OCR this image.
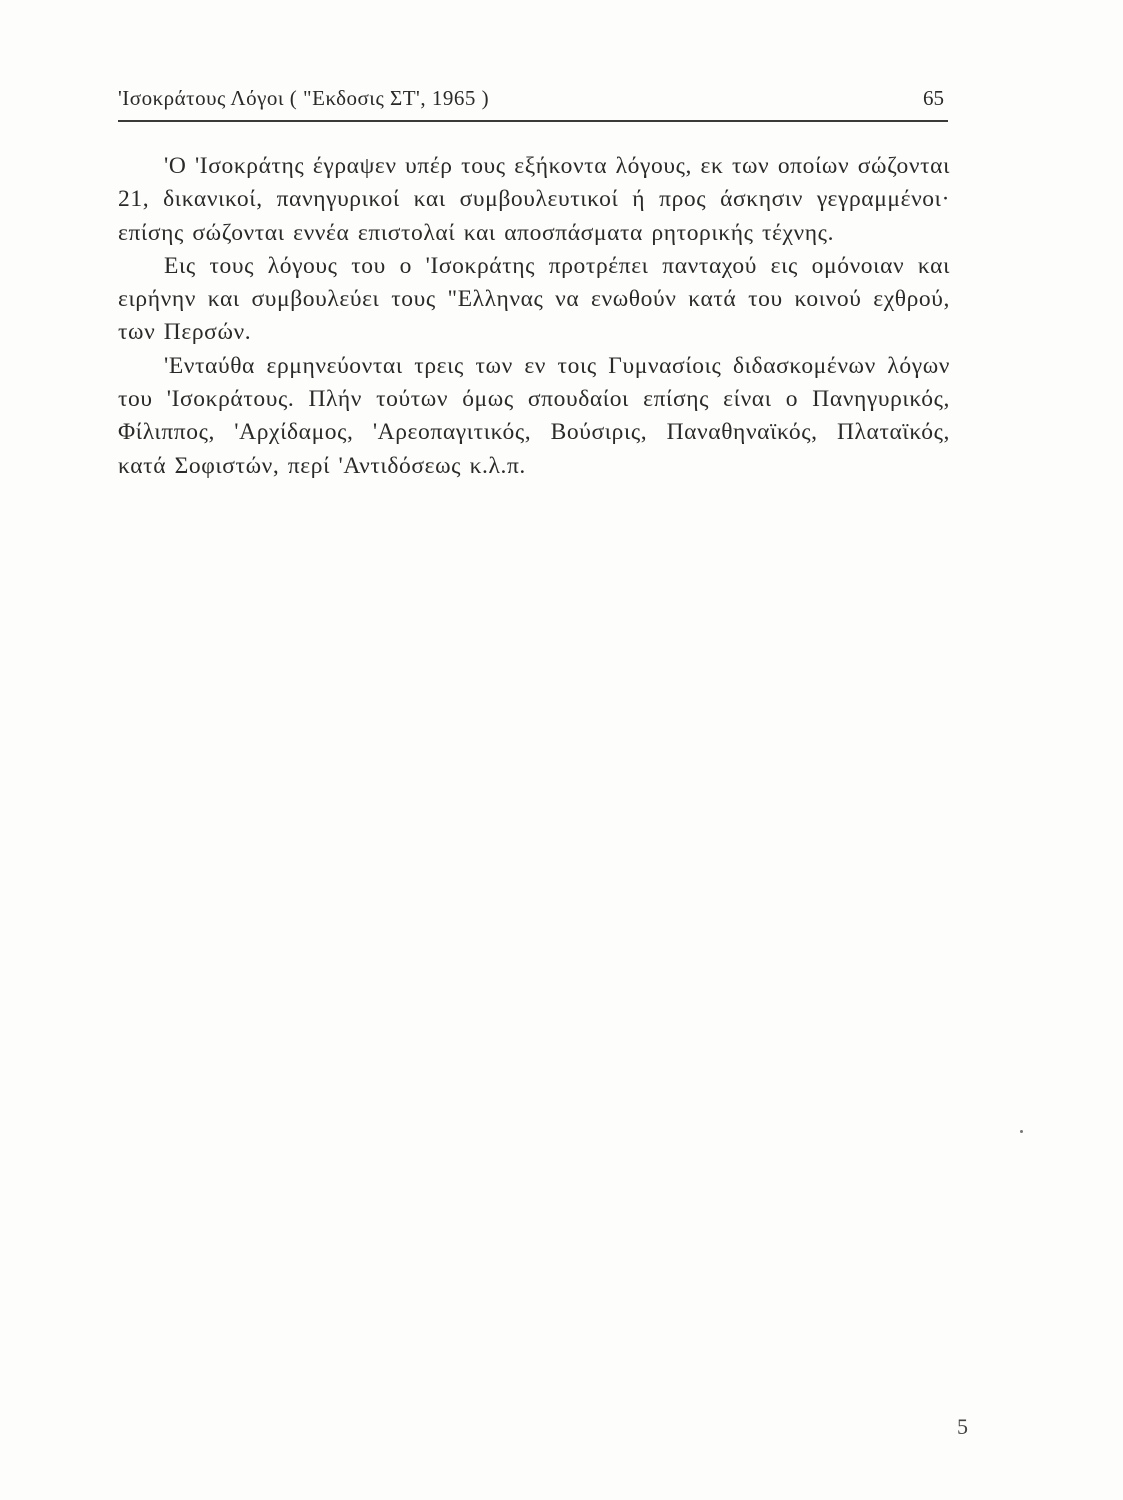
'Ισοκράτους Λόγοι ( "Εκδοσις ΣΤ', 1965 )	65

'Ο 'Ισοκράτης έγραψεν υπέρ τους εξήκοντα λόγους, εκ των οποίων σώζονται 21, δικανικοί, πανηγυρικοί και συμβουλευτικοί ή προς άσκησιν γεγραμμένοι· επίσης σώζονται εννέα επιστολαί και αποσπάσματα ρητορικής τέχνης.

Εις τους λόγους του ο 'Ισοκράτης προτρέπει πανταχού εις ομόνοιαν και ειρήνην και συμβουλεύει τους "Ελληνας να ενωθούν κατά του κοινού εχθρού, των Περσών.

'Ενταύθα ερμηνεύονται τρεις των εν τοις Γυμνασίοις διδασκομένων λόγων του 'Ισοκράτους. Πλήν τούτων όμως σπουδαίοι επίσης είναι ο Πανηγυρικός, Φίλιππος, 'Αρχίδαμος, 'Αρεοπαγιτικός, Βούσιρις, Παναθηναϊκός, Πλαταϊκός, κατά Σοφιστών, περί 'Αντιδόσεως κ.λ.π.

5
